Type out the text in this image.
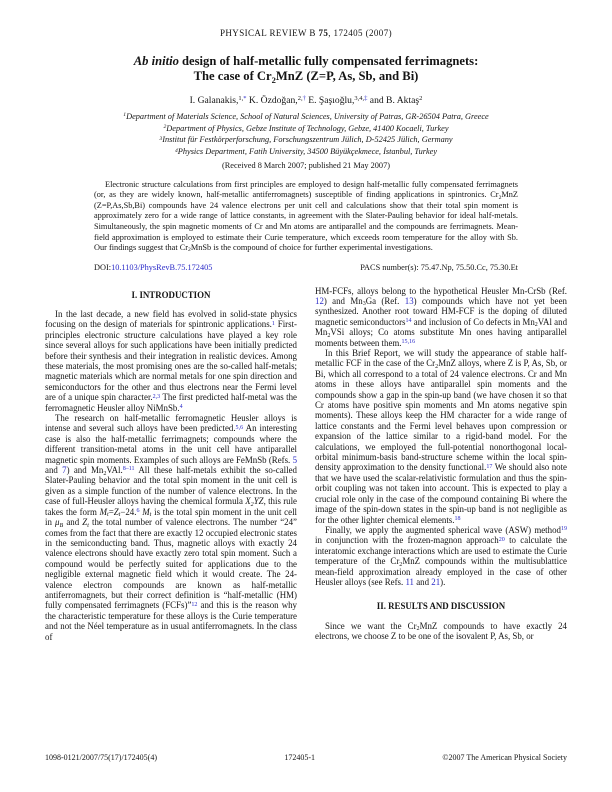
PHYSICAL REVIEW B 75, 172405 (2007)
Ab initio design of half-metallic fully compensated ferrimagnets:
The case of $Cr_2MnZ$ (Z=P, As, Sb, and Bi)
I. Galanakis,$^{1,*}$ K. Özdoğan,$^{2,\dagger}$ E. Şaşıoğlu,$^{3,4,\ddagger}$ and B. Aktaş$^2$
$^1$Department of Materials Science, School of Natural Sciences, University of Patras, GR-26504 Patra, Greece
$^2$Department of Physics, Gebze Institute of Technology, Gebze, 41400 Kocaeli, Turkey
$^3$Institut für Festkörperforschung, Forschungszentrum Jülich, D-52425 Jülich, Germany
$^4$Physics Department, Fatih University, 34500 Büyükçekmece, İstanbul, Turkey
(Received 8 March 2007; published 21 May 2007)
Electronic structure calculations from first principles are employed to design half-metallic fully compensated ferrimagnets (or, as they are widely known, half-metallic antiferromagnets) susceptible of finding applications in spintronics. $Cr_2MnZ$ (Z=P,As,Sb,Bi) compounds have 24 valence electrons per unit cell and calculations show that their total spin moment is approximately zero for a wide range of lattice constants, in agreement with the Slater-Pauling behavior for ideal half-metals. Simultaneously, the spin magnetic moments of Cr and Mn atoms are antiparallel and the compounds are ferrimagnets. Mean-field approximation is employed to estimate their Curie temperature, which exceeds room temperature for the alloy with Sb. Our findings suggest that $Cr_2MnSb$ is the compound of choice for further experimental investigations.
DOI: 10.1103/PhysRevB.75.172405	PACS number(s): 75.47.Np, 75.50.Cc, 75.30.Et
I. INTRODUCTION

In the last decade, a new field has evolved in solid-state physics focusing on the design of materials for spintronic applications.$^1$ First-principles electronic structure calculations have played a key role since several alloys for such applications have been initially predicted before their synthesis and their integration in realistic devices. Among these materials, the most promising ones are the so-called half-metals; magnetic materials which are normal metals for one spin direction and semiconductors for the other and thus electrons near the Fermi level are of a unique spin character.$^{2,3}$ The first predicted half-metal was the ferromagnetic Heusler alloy NiMnSb.$^4$

The research on half-metallic ferromagnetic Heusler alloys is intense and several such alloys have been predicted.$^{5,6}$ An interesting case is also the half-metallic ferrimagnets; compounds where the different transition-metal atoms in the unit cell have antiparallel magnetic spin moments. Examples of such alloys are FeMnSb (Refs. 5 and 7) and $Mn_2VAl.^{8-11}$ All these half-metals exhibit the so-called Slater-Pauling behavior and the total spin moment in the unit cell is given as a simple function of the number of valence electrons. In the case of full-Heusler alloys having the chemical formula $X_2YZ$, this rule takes the form $M_t=Z_t-24.^6$ $M_t$ is the total spin moment in the unit cell in $\mu_B$ and $Z_t$ the total number of valence electrons. The number “24” comes from the fact that there are exactly 12 occupied electronic states in the semiconducting band. Thus, magnetic alloys with exactly 24 valence electrons should have exactly zero total spin moment. Such a compound would be perfectly suited for applications due to the negligible external magnetic field which it would create. The 24-valence electron compounds are known as half-metallic antiferromagnets, but their correct definition is “half-metallic (HM) fully compensated ferrimagnets (FCFs)”$^{12}$ and this is the reason why the characteristic temperature for these alloys is the Curie temperature and not the Néel temperature as in usual antiferromagnets. In the class of

HM-FCFs, alloys belong to the hypothetical Heusler Mn-CrSb (Ref. 12) and $Mn_3Ga$ (Ref. 13) compounds which have not yet been synthesized. Another root toward HM-FCF is the doping of diluted magnetic semiconductors$^{14}$ and inclusion of Co defects in $Mn_2VAl$ and $Mn_2VSi$ alloys; Co atoms substitute Mn ones having antiparallel moments between them.$^{15,16}$

In this Brief Report, we will study the appearance of stable half-metallic FCF in the case of the $Cr_2MnZ$ alloys, where Z is P, As, Sb, or Bi, which all correspond to a total of 24 valence electrons. Cr and Mn atoms in these alloys have antiparallel spin moments and the compounds show a gap in the spin-up band (we have chosen it so that Cr atoms have positive spin moments and Mn atoms negative spin moments). These alloys keep the HM character for a wide range of lattice constants and the Fermi level behaves upon compression or expansion of the lattice similar to a rigid-band model. For the calculations, we employed the full-potential nonorthogonal local-orbital minimum-basis band-structure scheme within the local spin-density approximation to the density functional.$^{17}$ We should also note that we have used the scalar-relativistic formulation and thus the spin-orbit coupling was not taken into account. This is expected to play a crucial role only in the case of the compound containing Bi where the image of the spin-down states in the spin-up band is not negligible as for the other lighter chemical elements.$^{18}$

Finally, we apply the augmented spherical wave (ASW) method$^{19}$ in conjunction with the frozen-magnon approach$^{20}$ to calculate the interatomic exchange interactions which are used to estimate the Curie temperature of the $Cr_2MnZ$ compounds within the multisublattice mean-field approximation already employed in the case of other Heusler alloys (see Refs. 11 and 21).

II. RESULTS AND DISCUSSION

Since we want the $Cr_2MnZ$ compounds to have exactly 24 electrons, we choose Z to be one of the isovalent P, As, Sb, or

1098-0121/2007/75(17)/172405(4)	172405-1	©2007 The American Physical Society
